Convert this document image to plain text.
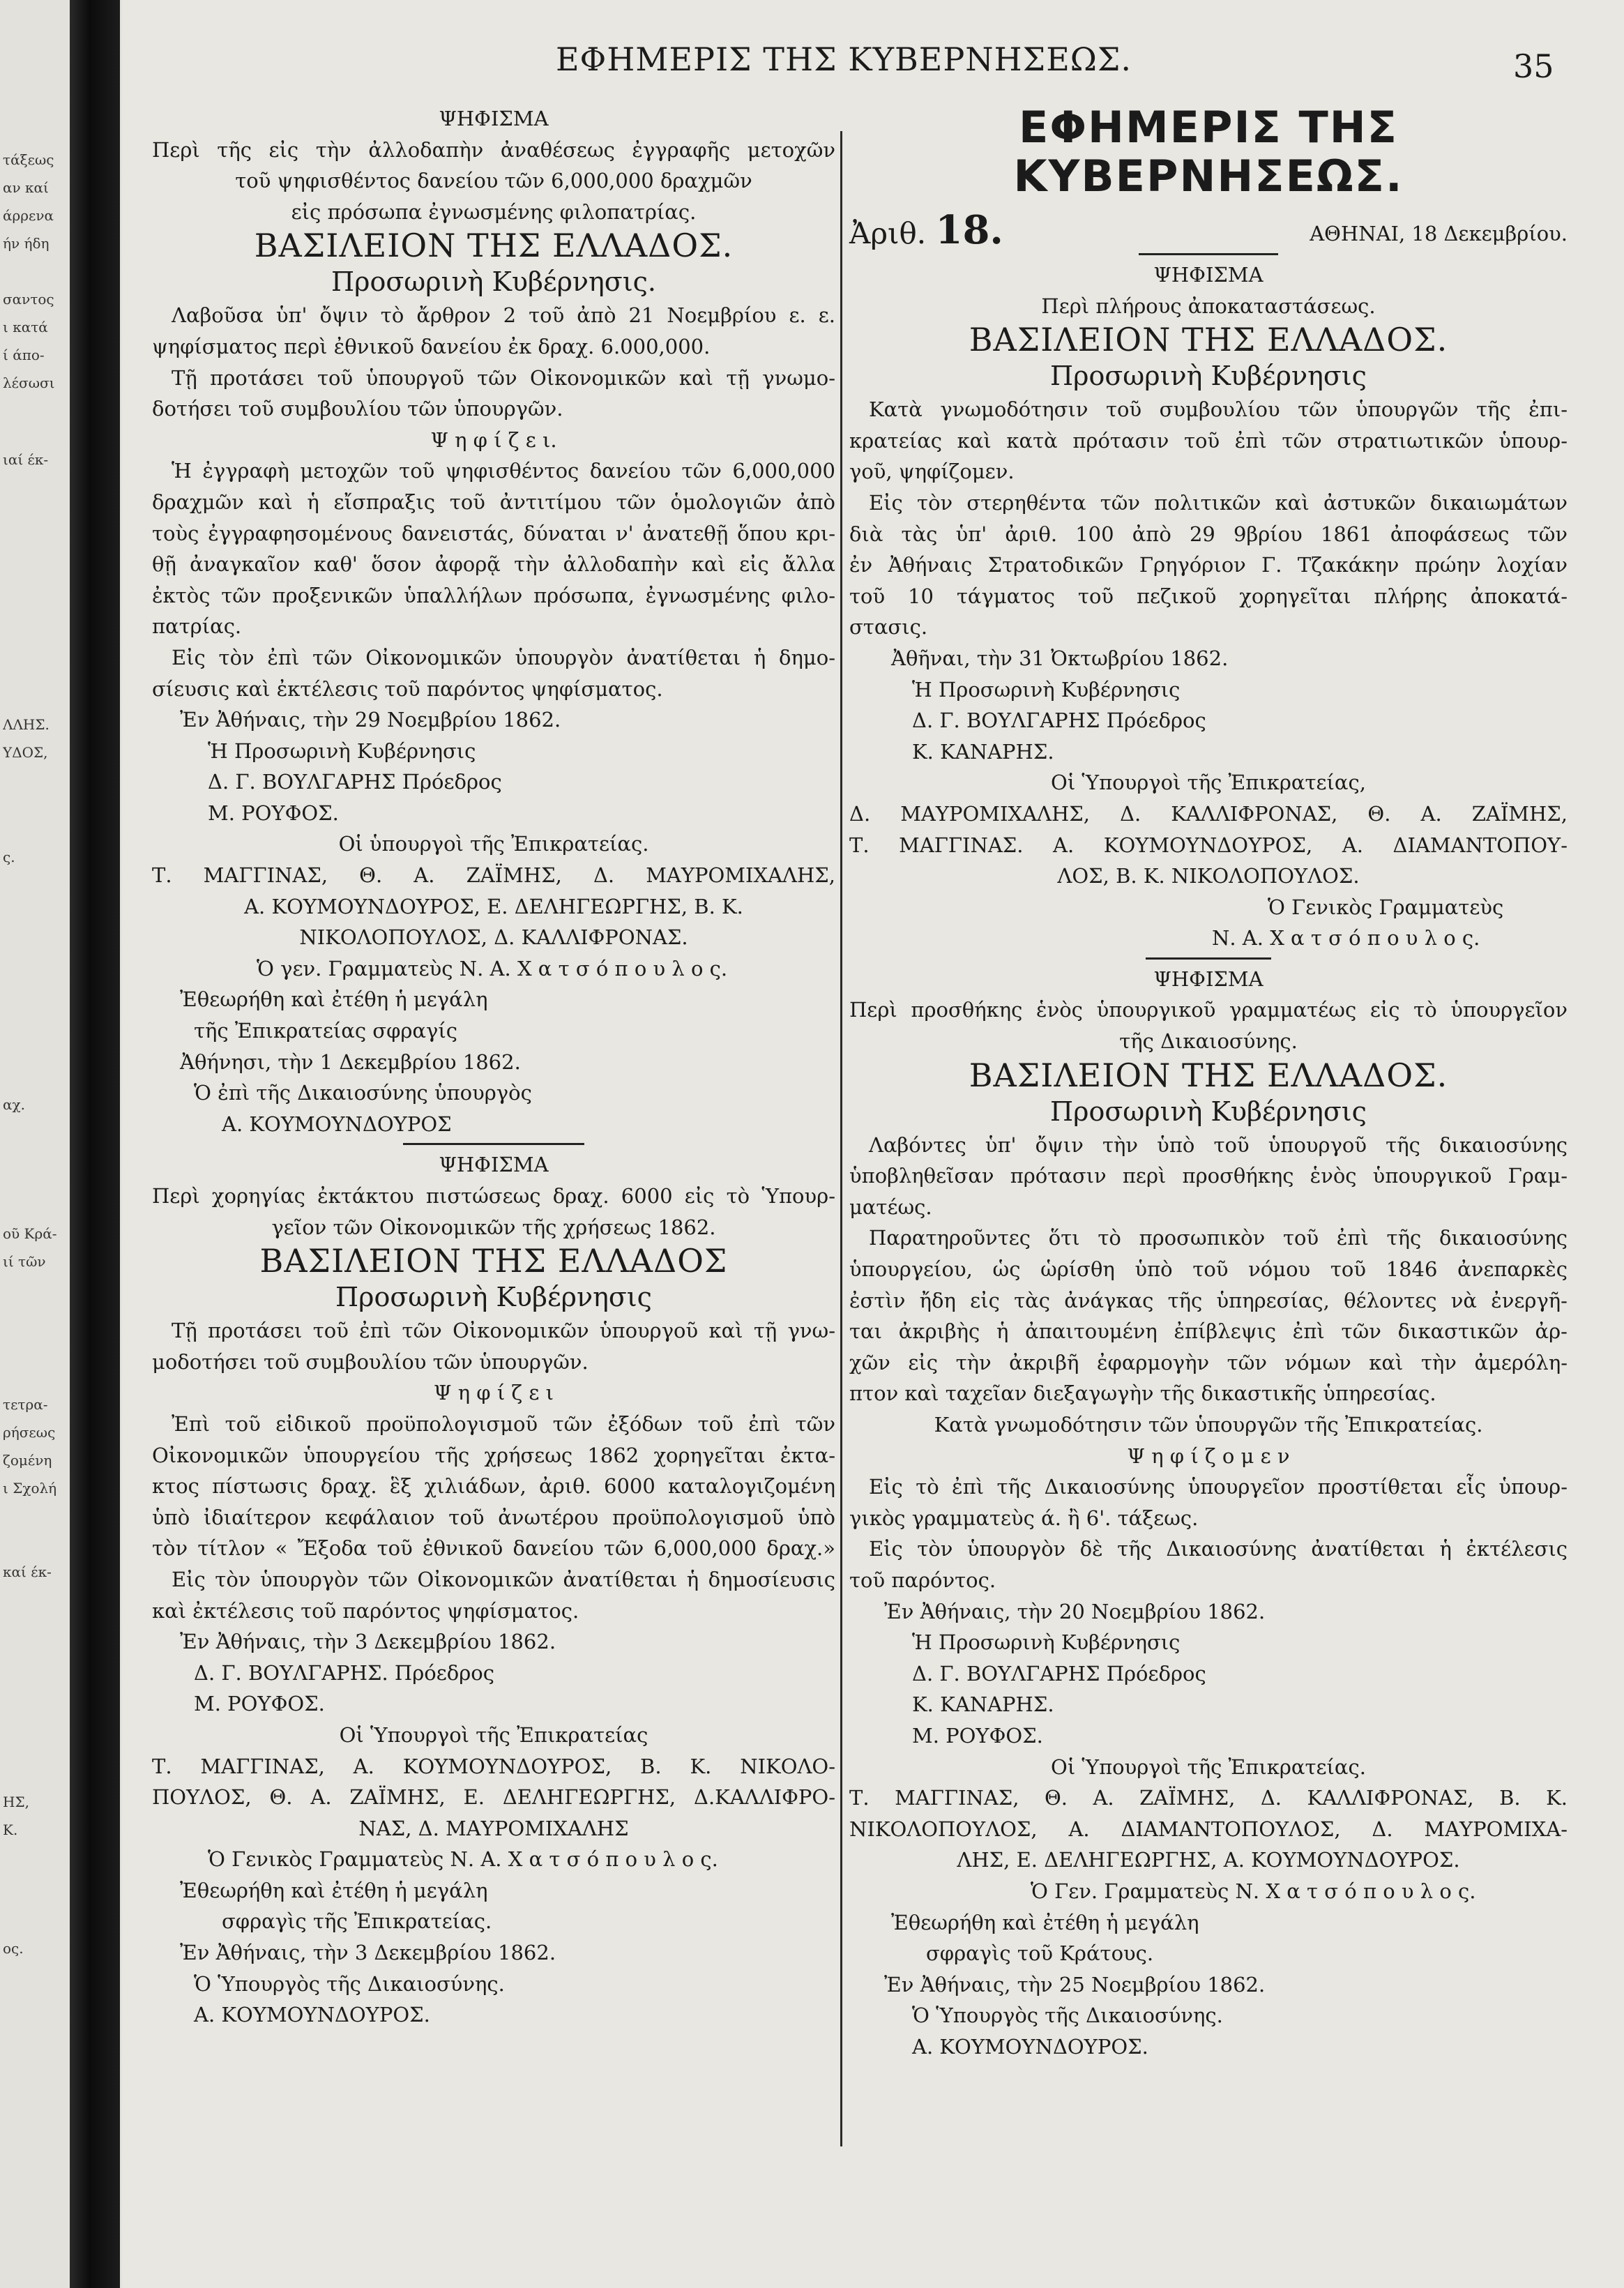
τάξεως
αν καί
άρρενα
ήν ήδη
σαντος
ι κατά
ί άπο-
λέσωσι
ιαί έκ-
ΛΛΗΣ.
ΥΔΟΣ,
ς.
αχ.
οῦ Κρά-
ιί τῶν
τετρα-
ρήσεως
ζομένη
ι Σχολή
καί έκ-
ΗΣ,
Κ.
ος.
ΕΦΗΜΕΡΙΣ ΤΗΣ ΚΥΒΕΡΝΗΣΕΩΣ.	35

ΨΗΦΙΣΜΑ

Περὶ τῆς εἰς τὴν ἀλλοδαπὴν ἀναθέσεως ἐγγραφῆς μετοχῶν

τοῦ ψηφισθέντος δανείου τῶν 6,000,000 δραχμῶν

εἰς πρόσωπα ἐγνωσμένης φιλοπατρίας.

ΒΑΣΙΛΕΙΟΝ ΤΗΣ ΕΛΛΑΔΟΣ.

Προσωρινὴ Κυβέρνησις.

Λαβοῦσα ὑπ' ὄψιν τὸ ἄρθρον 2 τοῦ ἀπὸ 21 Νοεμβρίου ε. ε.

ψηφίσματος περὶ ἐθνικοῦ δανείου ἐκ δραχ. 6.000,000.

Τῇ προτάσει τοῦ ὑπουργοῦ τῶν Οἰκονομικῶν καὶ τῇ γνωμο-

δοτήσει τοῦ συμβουλίου τῶν ὑπουργῶν.

Ψ η φ ί ζ ε ι.

Ἡ ἐγγραφὴ μετοχῶν τοῦ ψηφισθέντος δανείου τῶν 6,000,000

δραχμῶν καὶ ἡ εἴσπραξις τοῦ ἀντιτίμου τῶν ὁμολογιῶν ἀπὸ

τοὺς ἐγγραφησομένους δανειστάς, δύναται ν' ἀνατεθῇ ὅπου κρι-

θῇ ἀναγκαῖον καθ' ὅσον ἀφορᾷ τὴν ἀλλοδαπὴν καὶ εἰς ἄλλα

ἐκτὸς τῶν προξενικῶν ὑπαλλήλων πρόσωπα, ἐγνωσμένης φιλο-

πατρίας.

Εἰς τὸν ἐπὶ τῶν Οἰκονομικῶν ὑπουργὸν ἀνατίθεται ἡ δημο-

σίευσις καὶ ἐκτέλεσις τοῦ παρόντος ψηφίσματος.

Ἐν Ἀθήναις, τὴν 29 Νοεμβρίου 1862.

Ἡ Προσωρινὴ Κυβέρνησις

Δ. Γ. ΒΟΥΛΓΑΡΗΣ Πρόεδρος

Μ. ΡΟΥΦΟΣ.

Οἱ ὑπουργοὶ τῆς Ἐπικρατείας.

Τ. ΜΑΓΓΙΝΑΣ, Θ. Α. ΖΑΪΜΗΣ, Δ. ΜΑΥΡΟΜΙΧΑΛΗΣ,

Α. ΚΟΥΜΟΥΝΔΟΥΡΟΣ, Ε. ΔΕΛΗΓΕΩΡΓΗΣ, Β. Κ.

ΝΙΚΟΛΟΠΟΥΛΟΣ, Δ. ΚΑΛΛΙΦΡΟΝΑΣ.

Ὁ γεν. Γραμματεὺς Ν. Α. Χ α τ σ ό π ο υ λ ο ς.

Ἐθεωρήθη καὶ ἐτέθη ἡ μεγάλη

τῆς Ἐπικρατείας σφραγίς

Ἀθήνησι, τὴν 1 Δεκεμβρίου 1862.

Ὁ ἐπὶ τῆς Δικαιοσύνης ὑπουργὸς

Α. ΚΟΥΜΟΥΝΔΟΥΡΟΣ

ΨΗΦΙΣΜΑ

Περὶ χορηγίας ἐκτάκτου πιστώσεως δραχ. 6000 εἰς τὸ Ὑπουρ-

γεῖον τῶν Οἰκονομικῶν τῆς χρήσεως 1862.

ΒΑΣΙΛΕΙΟΝ ΤΗΣ ΕΛΛΑΔΟΣ

Προσωρινὴ Κυβέρνησις

Τῇ προτάσει τοῦ ἐπὶ τῶν Οἰκονομικῶν ὑπουργοῦ καὶ τῇ γνω-

μοδοτήσει τοῦ συμβουλίου τῶν ὑπουργῶν.

Ψ η φ ί ζ ε ι

Ἐπὶ τοῦ εἰδικοῦ προϋπολογισμοῦ τῶν ἐξόδων τοῦ ἐπὶ τῶν

Οἰκονομικῶν ὑπουργείου τῆς χρήσεως 1862 χορηγεῖται ἐκτα-

κτος πίστωσις δραχ. ἓξ χιλιάδων, ἀριθ. 6000 καταλογιζομένη

ὑπὸ ἰδιαίτερον κεφάλαιον τοῦ ἀνωτέρου προϋπολογισμοῦ ὑπὸ

τὸν τίτλον « Ἔξοδα τοῦ ἐθνικοῦ δανείου τῶν 6,000,000 δραχ.»

Εἰς τὸν ὑπουργὸν τῶν Οἰκονομικῶν ἀνατίθεται ἡ δημοσίευσις

καὶ ἐκτέλεσις τοῦ παρόντος ψηφίσματος.

Ἐν Ἀθήναις, τὴν 3 Δεκεμβρίου 1862.

Δ. Γ. ΒΟΥΛΓΑΡΗΣ. Πρόεδρος

Μ. ΡΟΥΦΟΣ.

Οἱ Ὑπουργοὶ τῆς Ἐπικρατείας

Τ. ΜΑΓΓΙΝΑΣ, Α. ΚΟΥΜΟΥΝΔΟΥΡΟΣ, Β. Κ. ΝΙΚΟΛΟ-

ΠΟΥΛΟΣ, Θ. Α. ΖΑΪΜΗΣ, Ε. ΔΕΛΗΓΕΩΡΓΗΣ, Δ.ΚΑΛΛΙΦΡΟ-

ΝΑΣ, Δ. ΜΑΥΡΟΜΙΧΑΛΗΣ

Ὁ Γενικὸς Γραμματεὺς Ν. Α. Χ α τ σ ό π ο υ λ ο ς.

Ἐθεωρήθη καὶ ἐτέθη ἡ μεγάλη

σφραγὶς τῆς Ἐπικρατείας.

Ἐν Ἀθήναις, τὴν 3 Δεκεμβρίου 1862.

Ὁ Ὑπουργὸς τῆς Δικαιοσύνης.

Α. ΚΟΥΜΟΥΝΔΟΥΡΟΣ.

ΕΦΗΜΕΡΙΣ ΤΗΣ ΚΥΒΕΡΝΗΣΕΩΣ.

Ἀριθ. 18.	ΑΘΗΝΑΙ, 18 Δεκεμβρίου.

ΨΗΦΙΣΜΑ

Περὶ πλήρους ἀποκαταστάσεως.

ΒΑΣΙΛΕΙΟΝ ΤΗΣ ΕΛΛΑΔΟΣ.

Προσωρινὴ Κυβέρνησις

Κατὰ γνωμοδότησιν τοῦ συμβουλίου τῶν ὑπουργῶν τῆς ἐπι-

κρατείας καὶ κατὰ πρότασιν τοῦ ἐπὶ τῶν στρατιωτικῶν ὑπουρ-

γοῦ, ψηφίζομεν.

Εἰς τὸν στερηθέντα τῶν πολιτικῶν καὶ ἀστυκῶν δικαιωμάτων

διὰ τὰς ὑπ' ἀριθ. 100 ἀπὸ 29 9βρίου 1861 ἀποφάσεως τῶν

ἐν Ἀθήναις Στρατοδικῶν Γρηγόριον Γ. Τζακάκην πρώην λοχίαν

τοῦ 10 τάγματος τοῦ πεζικοῦ χορηγεῖται πλήρης ἀποκατά-

στασις.

Ἀθῆναι, τὴν 31 Ὀκτωβρίου 1862.

Ἡ Προσωρινὴ Κυβέρνησις

Δ. Γ. ΒΟΥΛΓΑΡΗΣ Πρόεδρος

Κ. ΚΑΝΑΡΗΣ.

Οἱ Ὑπουργοὶ τῆς Ἐπικρατείας,

Δ. ΜΑΥΡΟΜΙΧΑΛΗΣ, Δ. ΚΑΛΛΙΦΡΟΝΑΣ, Θ. Α. ΖΑΪΜΗΣ,

Τ. ΜΑΓΓΙΝΑΣ. Α. ΚΟΥΜΟΥΝΔΟΥΡΟΣ, Α. ΔΙΑΜΑΝΤΟΠΟΥ-

ΛΟΣ, Β. Κ. ΝΙΚΟΛΟΠΟΥΛΟΣ.

Ὁ Γενικὸς Γραμματεὺς

Ν. Α. Χ α τ σ ό π ο υ λ ο ς.

ΨΗΦΙΣΜΑ

Περὶ προσθήκης ἑνὸς ὑπουργικοῦ γραμματέως εἰς τὸ ὑπουργεῖον

τῆς Δικαιοσύνης.

ΒΑΣΙΛΕΙΟΝ ΤΗΣ ΕΛΛΑΔΟΣ.

Προσωρινὴ Κυβέρνησις

Λαβόντες ὑπ' ὄψιν τὴν ὑπὸ τοῦ ὑπουργοῦ τῆς δικαιοσύνης

ὑποβληθεῖσαν πρότασιν περὶ προσθήκης ἑνὸς ὑπουργικοῦ Γραμ-

ματέως.

Παρατηροῦντες ὅτι τὸ προσωπικὸν τοῦ ἐπὶ τῆς δικαιοσύνης

ὑπουργείου, ὡς ὡρίσθη ὑπὸ τοῦ νόμου τοῦ 1846 ἀνεπαρκὲς

ἐστὶν ἤδη εἰς τὰς ἀνάγκας τῆς ὑπηρεσίας, θέλοντες νὰ ἐνεργῆ-

ται ἀκριβὴς ἡ ἀπαιτουμένη ἐπίβλεψις ἐπὶ τῶν δικαστικῶν ἀρ-

χῶν εἰς τὴν ἀκριβῆ ἐφαρμογὴν τῶν νόμων καὶ τὴν ἀμερόλη-

πτον καὶ ταχεῖαν διεξαγωγὴν τῆς δικαστικῆς ὑπηρεσίας.

Κατὰ γνωμοδότησιν τῶν ὑπουργῶν τῆς Ἐπικρατείας.

Ψ η φ ί ζ ο μ ε ν

Εἰς τὸ ἐπὶ τῆς Δικαιοσύνης ὑπουργεῖον προστίθεται εἷς ὑπουρ-

γικὸς γραμματεὺς ά. ἢ 6'. τάξεως.

Εἰς τὸν ὑπουργὸν δὲ τῆς Δικαιοσύνης ἀνατίθεται ἡ ἐκτέλεσις

τοῦ παρόντος.

Ἐν Ἀθήναις, τὴν 20 Νοεμβρίου 1862.

Ἡ Προσωρινὴ Κυβέρνησις

Δ. Γ. ΒΟΥΛΓΑΡΗΣ Πρόεδρος

Κ. ΚΑΝΑΡΗΣ.

Μ. ΡΟΥΦΟΣ.

Οἱ Ὑπουργοὶ τῆς Ἐπικρατείας.

Τ. ΜΑΓΓΙΝΑΣ, Θ. Α. ΖΑΪΜΗΣ, Δ. ΚΑΛΛΙΦΡΟΝΑΣ, Β. Κ.

ΝΙΚΟΛΟΠΟΥΛΟΣ, Α. ΔΙΑΜΑΝΤΟΠΟΥΛΟΣ, Δ. ΜΑΥΡΟΜΙΧΑ-

ΛΗΣ, Ε. ΔΕΛΗΓΕΩΡΓΗΣ, Α. ΚΟΥΜΟΥΝΔΟΥΡΟΣ.

Ὁ Γεν. Γραμματεὺς Ν. Χ α τ σ ό π ο υ λ ο ς.

Ἐθεωρήθη καὶ ἐτέθη ἡ μεγάλη

σφραγὶς τοῦ Κράτους.

Ἐν Ἀθήναις, τὴν 25 Νοεμβρίου 1862.

Ὁ Ὑπουργὸς τῆς Δικαιοσύνης.

Α. ΚΟΥΜΟΥΝΔΟΥΡΟΣ.
